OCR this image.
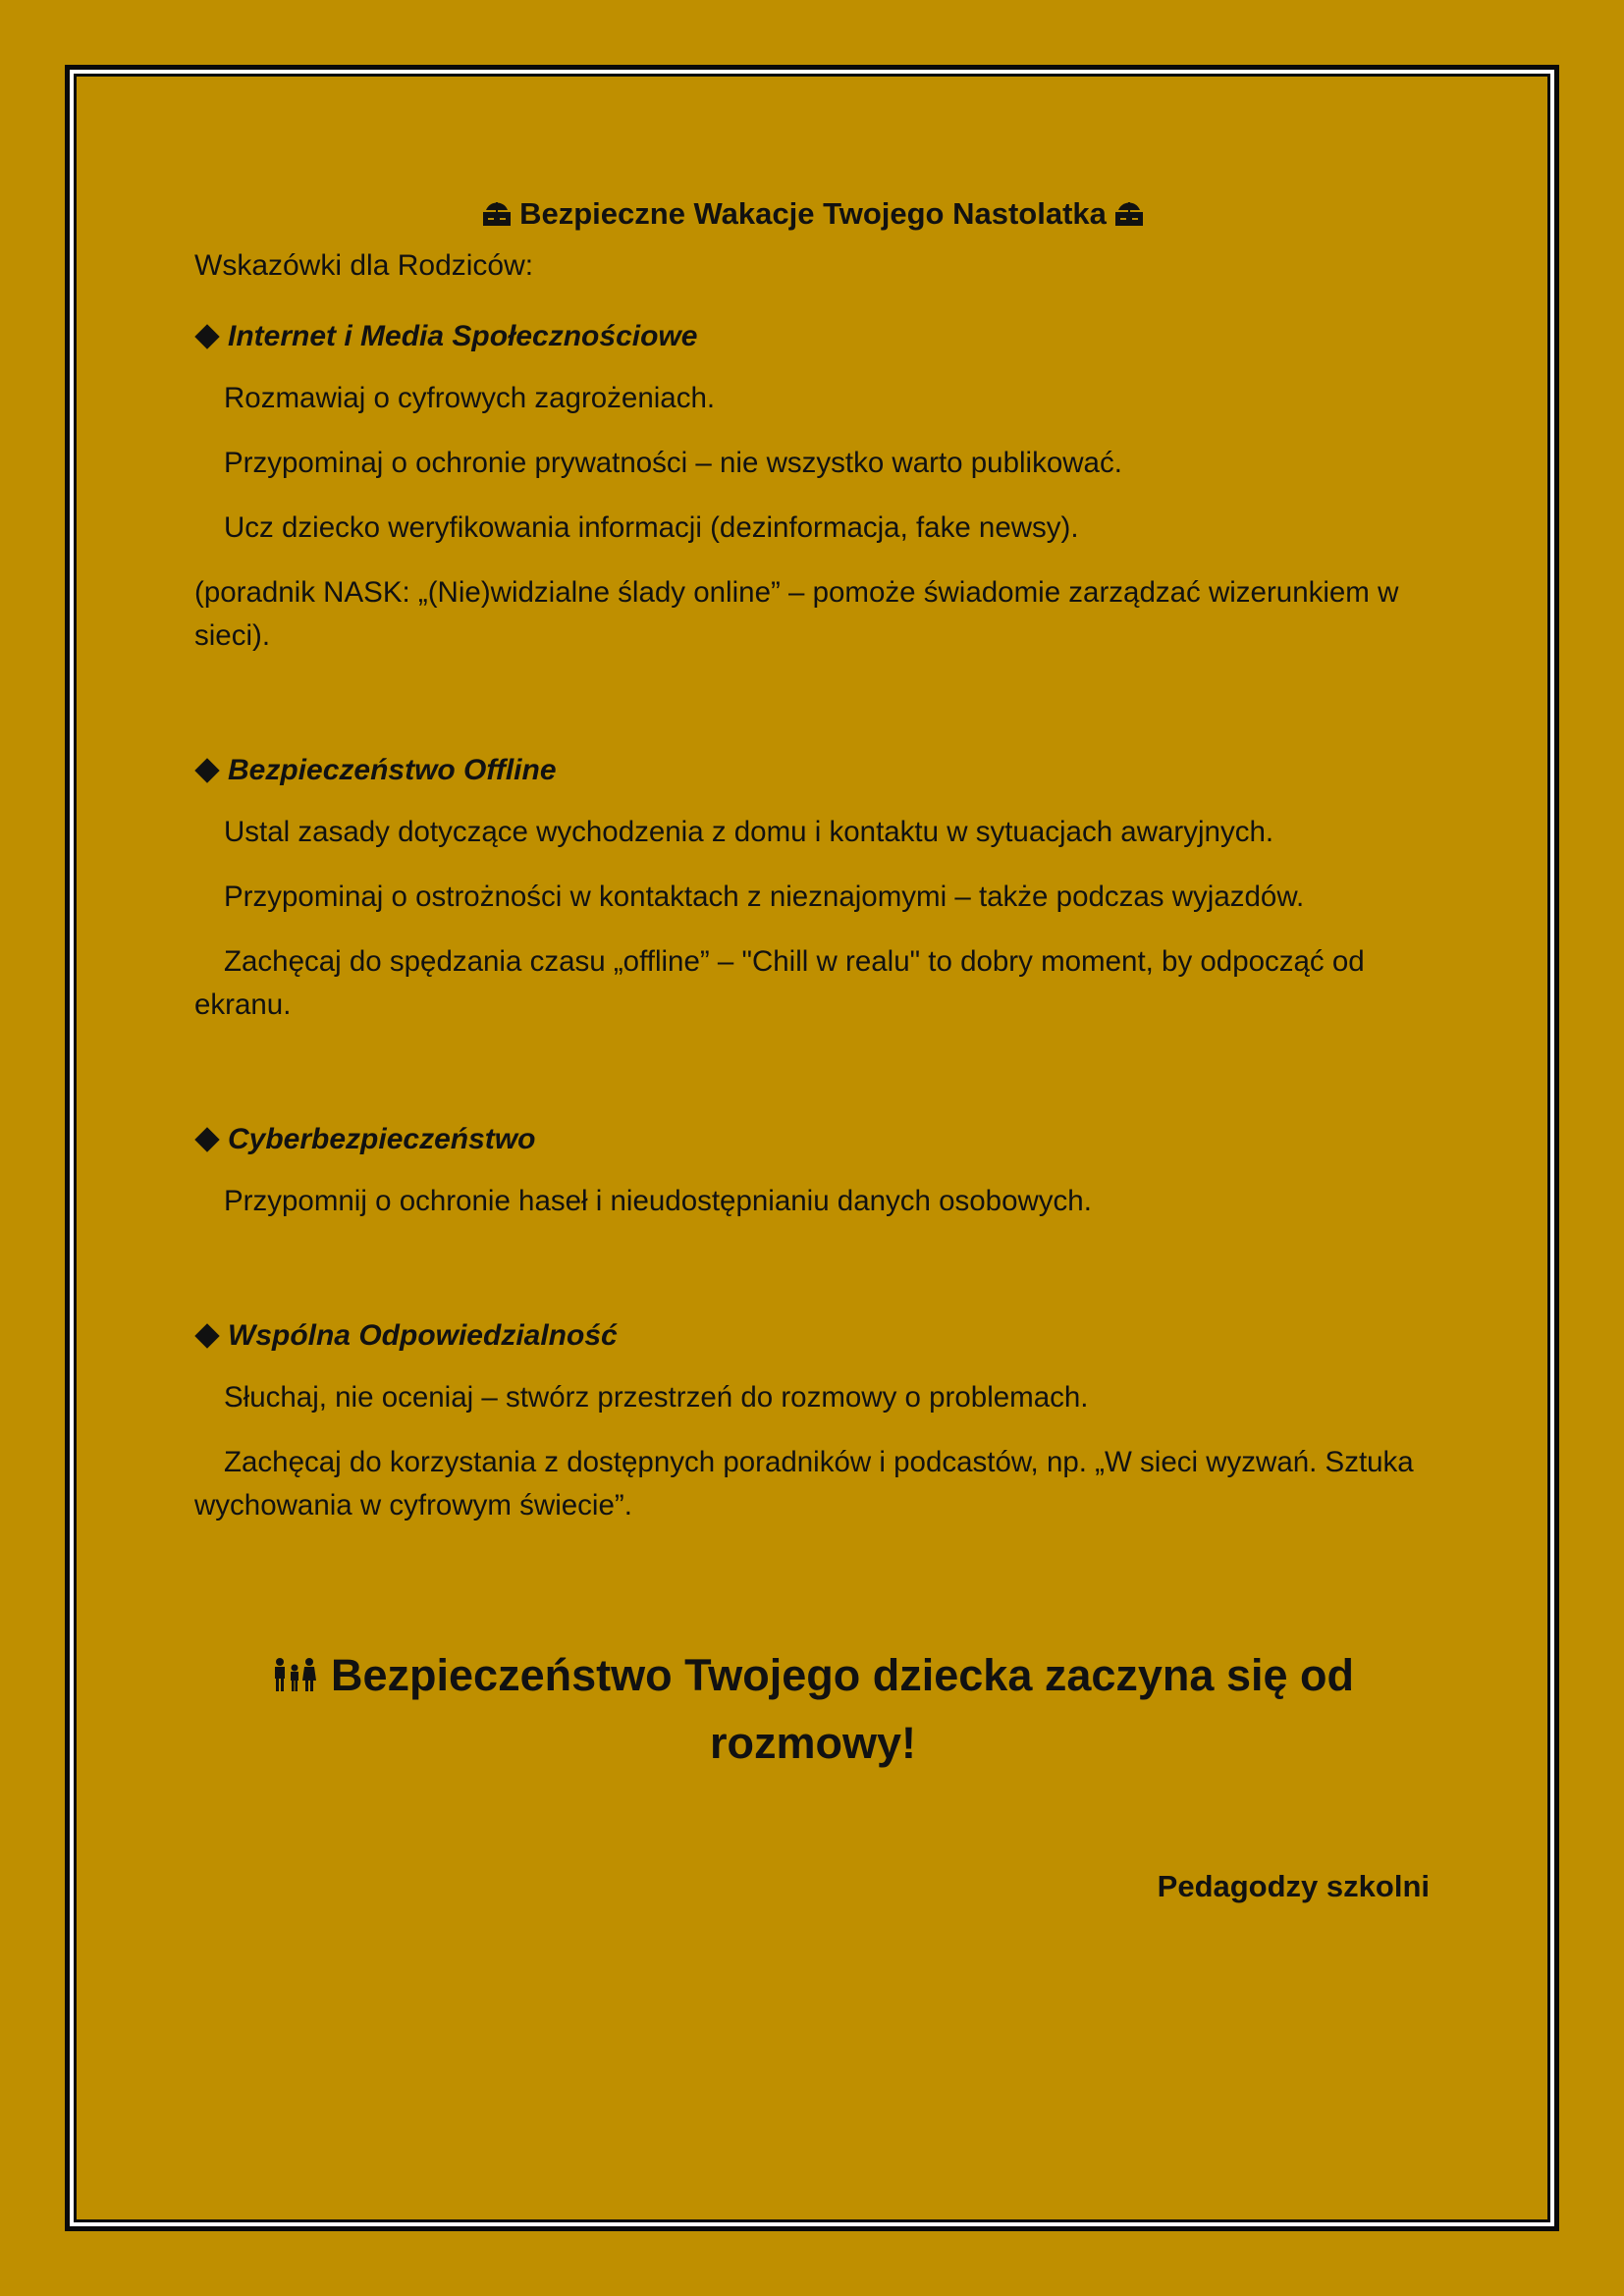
Bezpieczne Wakacje Twojego Nastolatka

Wskazówki dla Rodziców:

Internet i Media Społecznościowe

Rozmawiaj o cyfrowych zagrożeniach.

Przypominaj o ochronie prywatności – nie wszystko warto publikować.

Ucz dziecko weryfikowania informacji (dezinformacja, fake newsy).

(poradnik NASK: „(Nie)widzialne ślady online” – pomoże świadomie zarządzać wizerunkiem w sieci).

Bezpieczeństwo Offline

Ustal zasady dotyczące wychodzenia z domu i kontaktu w sytuacjach awaryjnych.

Przypominaj o ostrożności w kontaktach z nieznajomymi – także podczas wyjazdów.

Zachęcaj do spędzania czasu „offline” – "Chill w realu" to dobry moment, by odpocząć od ekranu.

Cyberbezpieczeństwo

Przypomnij o ochronie haseł i nieudostępnianiu danych osobowych.

Wspólna Odpowiedzialność

Słuchaj, nie oceniaj – stwórz przestrzeń do rozmowy o problemach.

Zachęcaj do korzystania z dostępnych poradników i podcastów, np. „W sieci wyzwań. Sztuka wychowania w cyfrowym świecie”.

Bezpieczeństwo Twojego dziecka zaczyna się od rozmowy!
Pedagodzy szkolni
